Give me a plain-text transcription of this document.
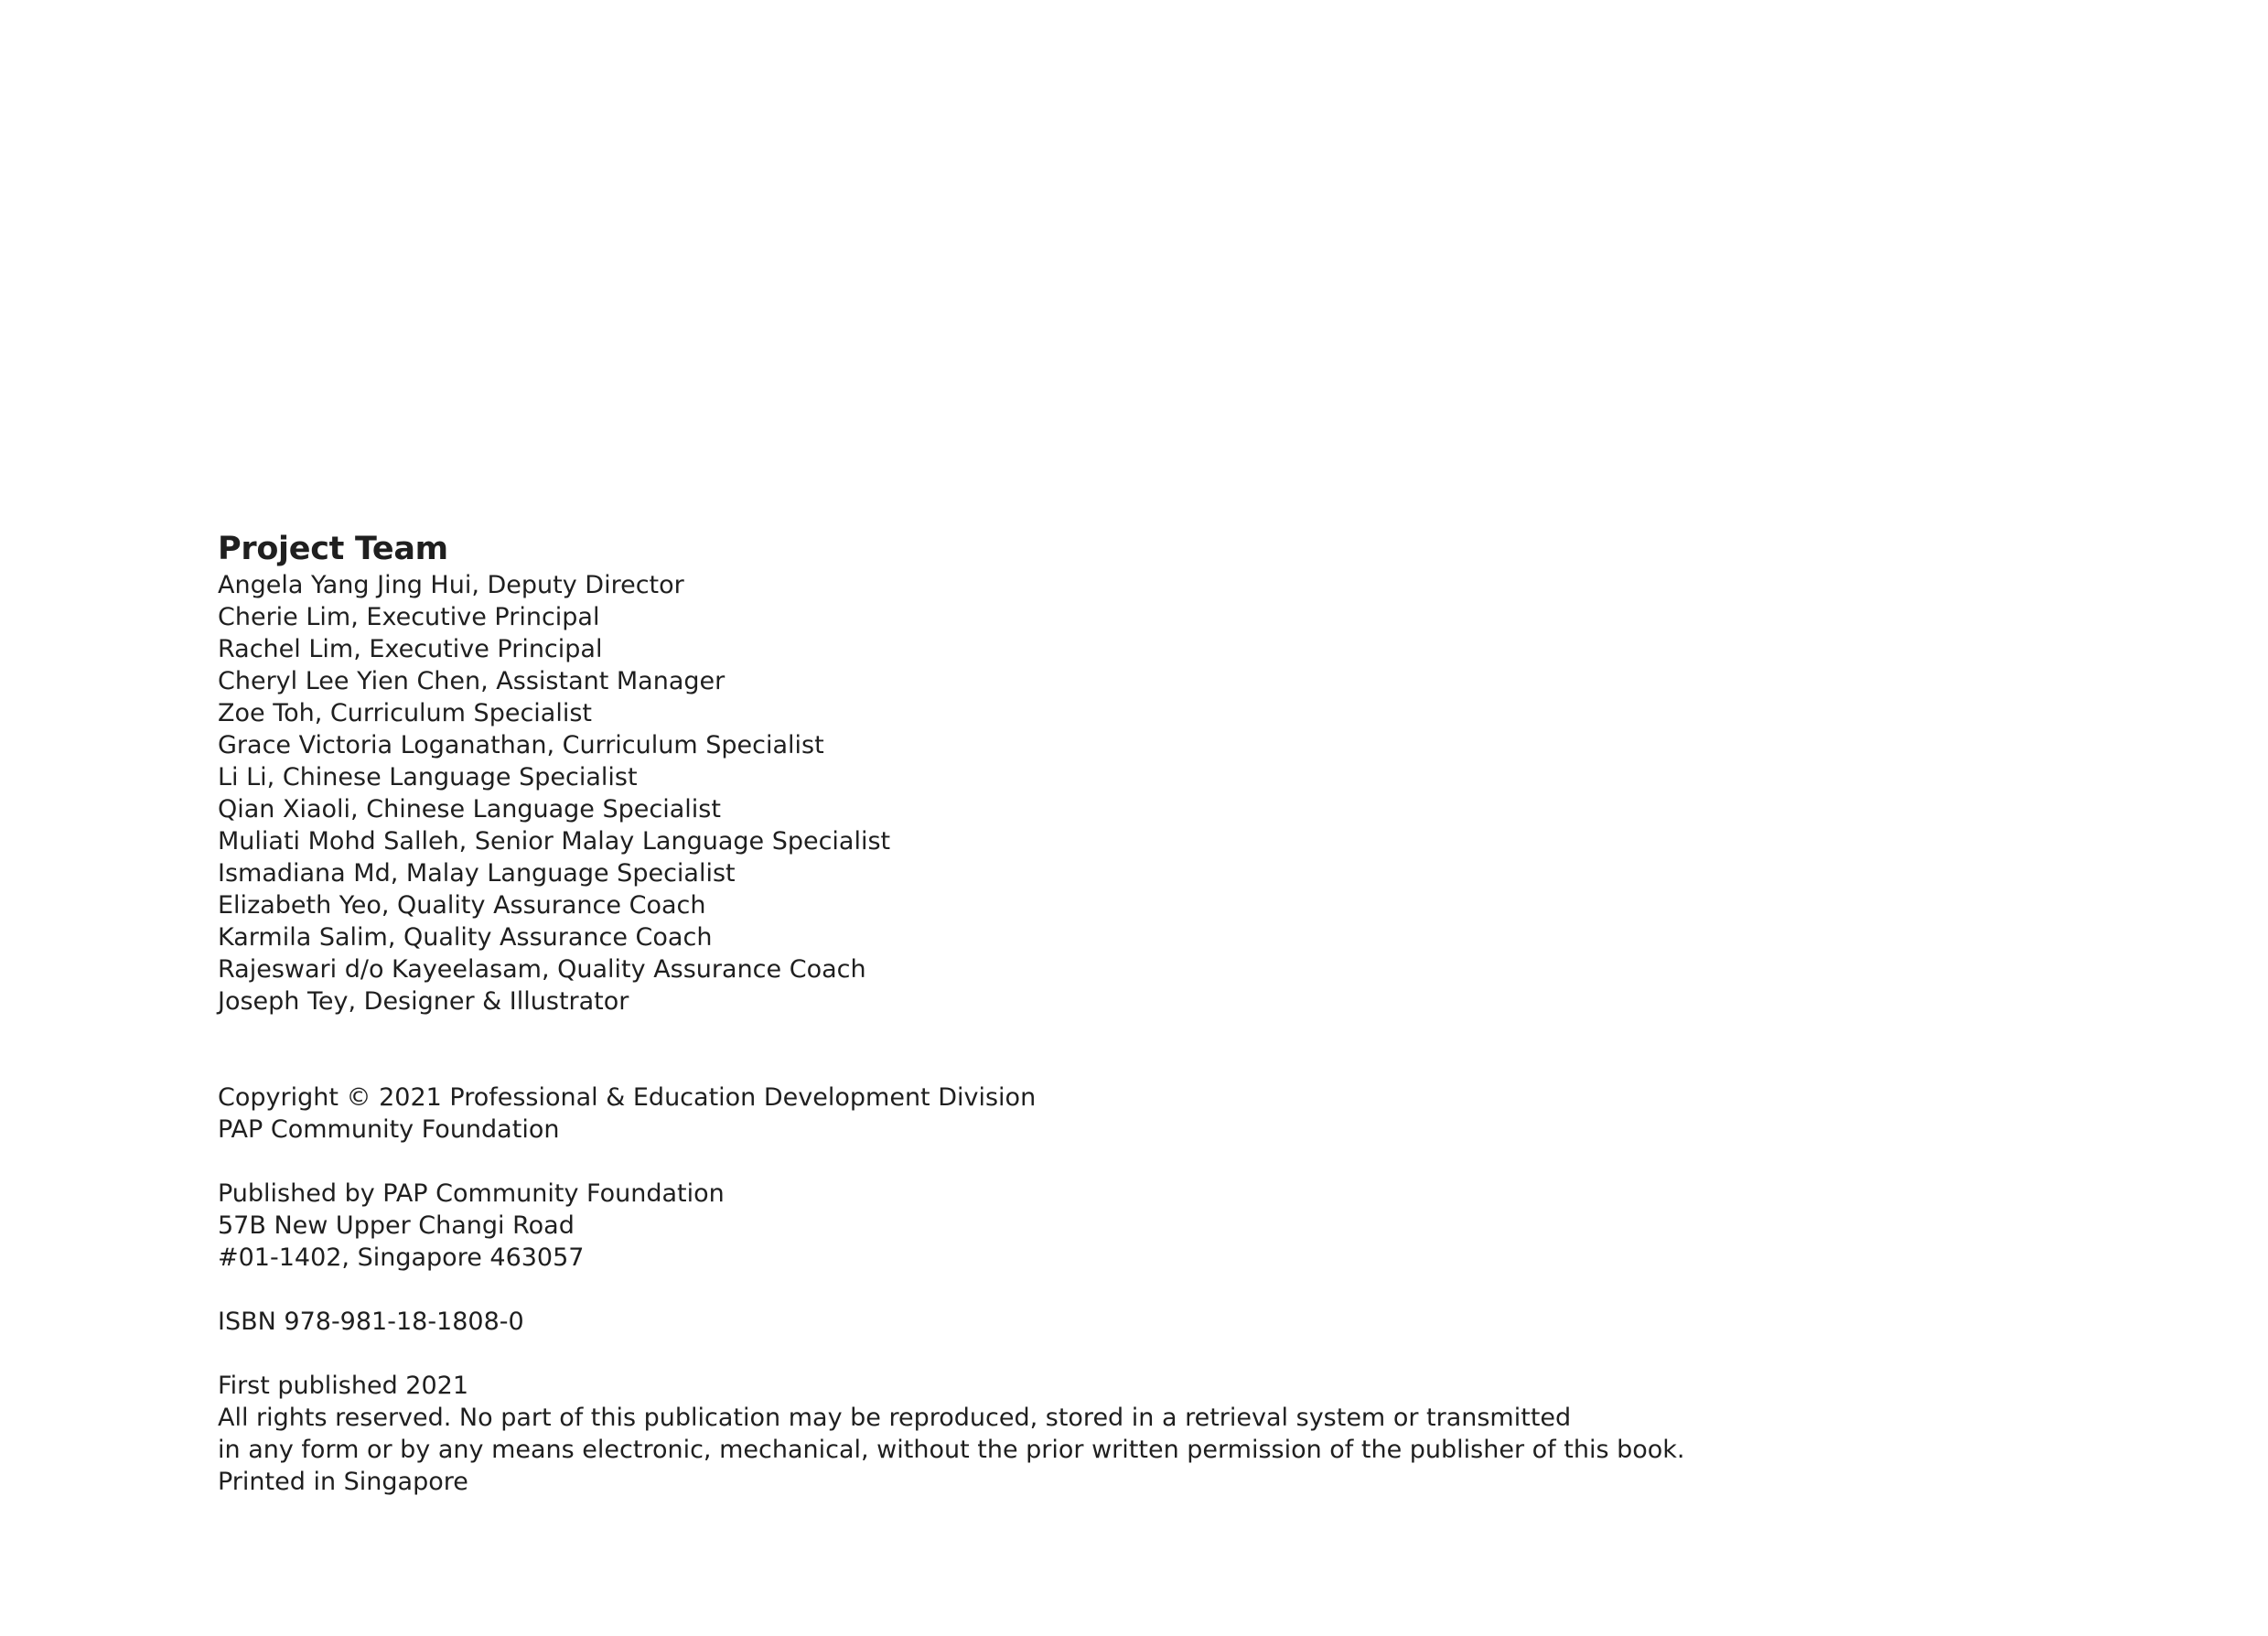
Project Team
Angela Yang Jing Hui, Deputy Director
Cherie Lim, Executive Principal
Rachel Lim, Executive Principal
Cheryl Lee Yien Chen, Assistant Manager
Zoe Toh, Curriculum Specialist
Grace Victoria Loganathan, Curriculum Specialist
Li Li, Chinese Language Specialist
Qian Xiaoli, Chinese Language Specialist
Muliati Mohd Salleh, Senior Malay Language Specialist
Ismadiana Md, Malay Language Specialist
Elizabeth Yeo, Quality Assurance Coach
Karmila Salim, Quality Assurance Coach
Rajeswari d/o Kayeelasam, Quality Assurance Coach
Joseph Tey, Designer & Illustrator

Copyright © 2021 Professional & Education Development Division

PAP Community Foundation

Published by PAP Community Foundation

57B New Upper Changi Road

#01-1402, Singapore 463057

ISBN 978-981-18-1808-0

First published 2021

All rights reserved. No part of this publication may be reproduced, stored in a retrieval system or transmitted

in any form or by any means electronic, mechanical, without the prior written permission of the publisher of this book.

Printed in Singapore
